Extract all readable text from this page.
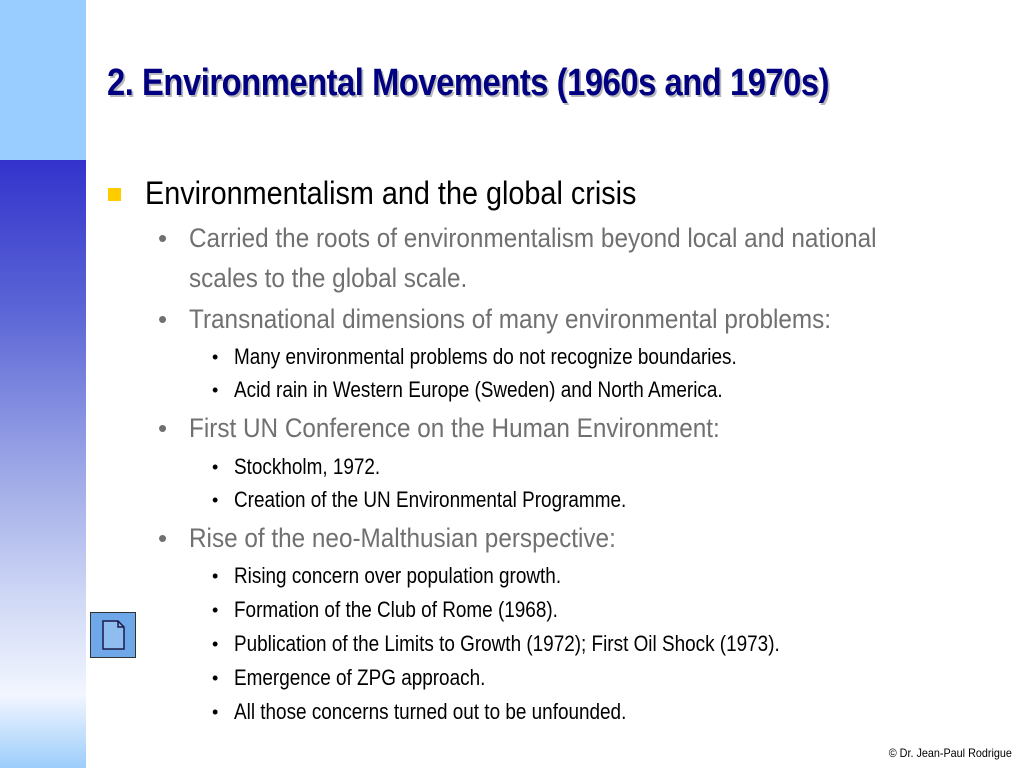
2. Environmental Movements (1960s and 1970s)
Environmentalism and the global crisis
• Carried the roots of environmentalism beyond local and national
scales to the global scale.
• Transnational dimensions of many environmental problems:
• Many environmental problems do not recognize boundaries.
• Acid rain in Western Europe (Sweden) and North America.
• First UN Conference on the Human Environment:
• Stockholm, 1972.
• Creation of the UN Environmental Programme.
• Rise of the neo-Malthusian perspective:
• Rising concern over population growth.
• Formation of the Club of Rome (1968).
• Publication of the Limits to Growth (1972); First Oil Shock (1973).
• Emergence of ZPG approach.
• All those concerns turned out to be unfounded.
© Dr. Jean-Paul Rodrigue
